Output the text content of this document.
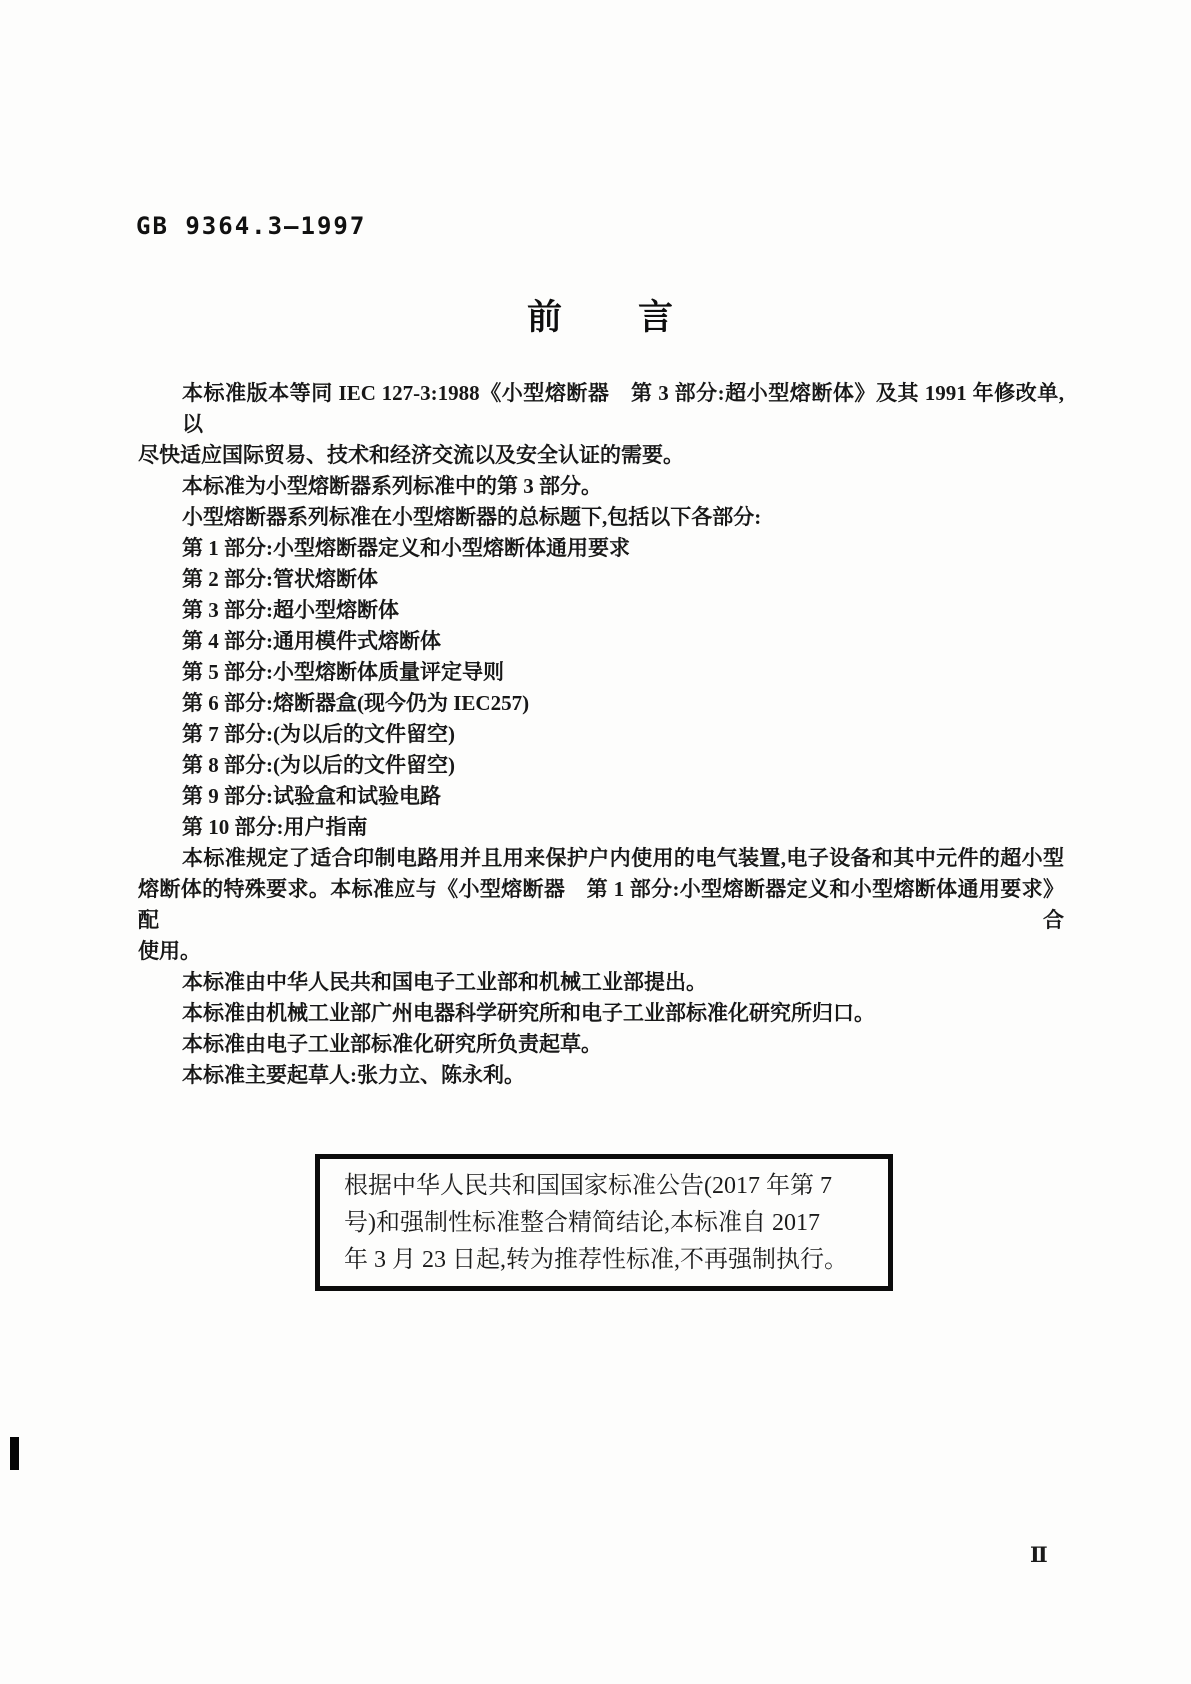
GB 9364.3—1997
前　　言
本标准版本等同 IEC 127-3:1988《小型熔断器　第 3 部分:超小型熔断体》及其 1991 年修改单,以
尽快适应国际贸易、技术和经济交流以及安全认证的需要。
本标准为小型熔断器系列标准中的第 3 部分。
小型熔断器系列标准在小型熔断器的总标题下,包括以下各部分:
第 1 部分:小型熔断器定义和小型熔断体通用要求
第 2 部分:管状熔断体
第 3 部分:超小型熔断体
第 4 部分:通用模件式熔断体
第 5 部分:小型熔断体质量评定导则
第 6 部分:熔断器盒(现今仍为 IEC257)
第 7 部分:(为以后的文件留空)
第 8 部分:(为以后的文件留空)
第 9 部分:试验盒和试验电路
第 10 部分:用户指南
本标准规定了适合印制电路用并且用来保护户内使用的电气装置,电子设备和其中元件的超小型
熔断体的特殊要求。本标准应与《小型熔断器　第 1 部分:小型熔断器定义和小型熔断体通用要求》配合
使用。
本标准由中华人民共和国电子工业部和机械工业部提出。
本标准由机械工业部广州电器科学研究所和电子工业部标准化研究所归口。
本标准由电子工业部标准化研究所负责起草。
本标准主要起草人:张力立、陈永利。
根据中华人民共和国国家标准公告(2017 年第 7
号)和强制性标准整合精简结论,本标准自 2017
年 3 月 23 日起,转为推荐性标准,不再强制执行。
Ⅱ
